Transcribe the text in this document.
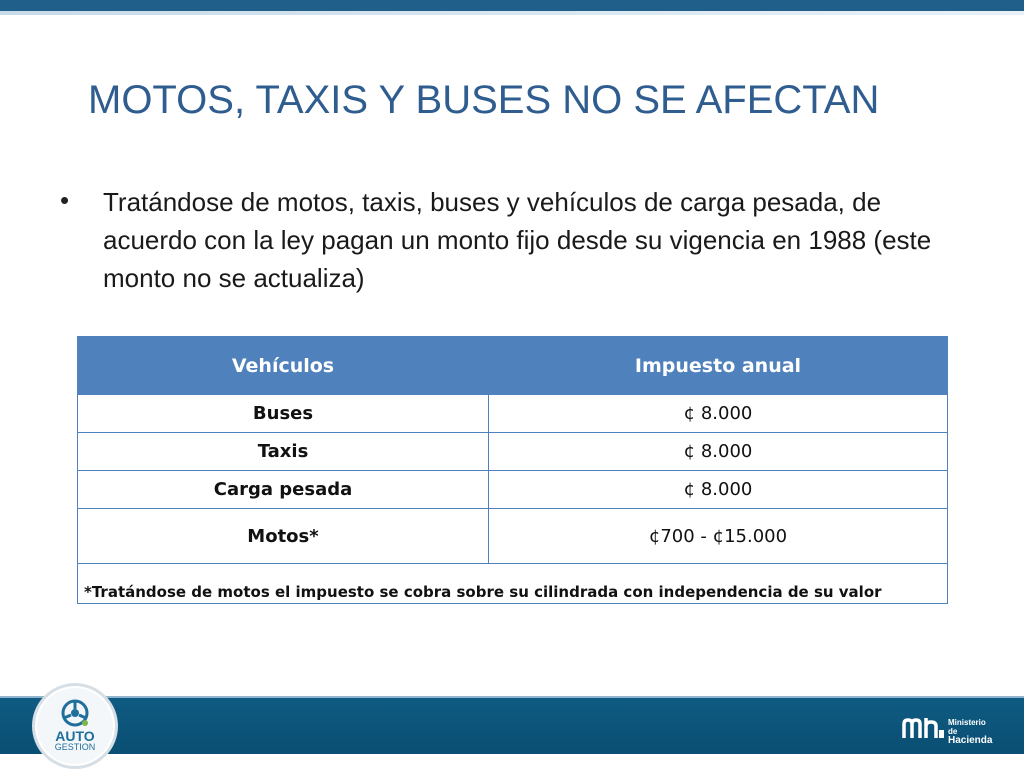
MOTOS, TAXIS Y BUSES NO SE AFECTAN
• Tratándose de motos, taxis, buses y vehículos de carga pesada, de acuerdo con la ley pagan un monto fijo desde su vigencia en 1988 (este monto no se actualiza)
Vehículos	Impuesto anual
Buses	¢ 8.000
Taxis	¢ 8.000
Carga pesada	¢ 8.000
Motos*	¢700 - ¢15.000
*Tratándose de motos el impuesto se cobra sobre su cilindrada con independencia de su valor	
AUTO
GESTION
Ministerio de
Hacienda
